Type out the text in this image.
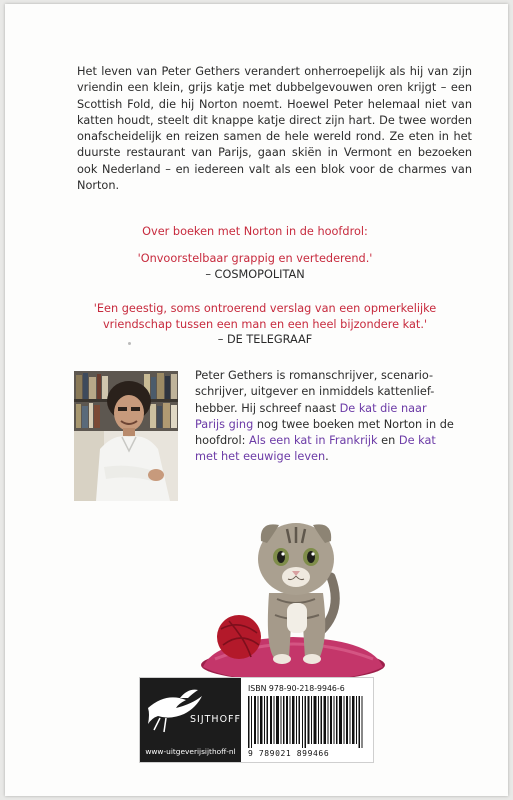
Het leven van Peter Gethers verandert onherroepelijk als hij van zijn vriendin een klein, grijs katje met dubbelgevouwen oren krijgt – een Scottish Fold, die hij Norton noemt. Hoewel Peter helemaal niet van katten houdt, steelt dit knappe katje direct zijn hart. De twee worden onafscheidelijk en reizen samen de hele wereld rond. Ze eten in het duurste restaurant van Parijs, gaan skiën in Vermont en bezoeken ook Nederland – en iedereen valt als een blok voor de charmes van Norton.

Over boeken met Norton in de hoofdrol:
'Onvoorstelbaar grappig en vertederend.'
– COSMOPOLITAN
'Een geestig, soms ontroerend verslag van een opmerkelijke vriendschap tussen een man en een heel bijzondere kat.'
– DE TELEGRAAF

Peter Gethers is romanschrijver, scenario-schrijver, uitgever en inmiddels kattenlief-hebber. Hij schreef naast De kat die naar Parijs ging nog twee boeken met Norton in de hoofdrol: Als een kat in Frankrijk en De kat met het eeuwige leven.

SIJTHOFF
www-uitgeverijsijthoff-nl
ISBN 978-90-218-9946-6
9 789021 899466
